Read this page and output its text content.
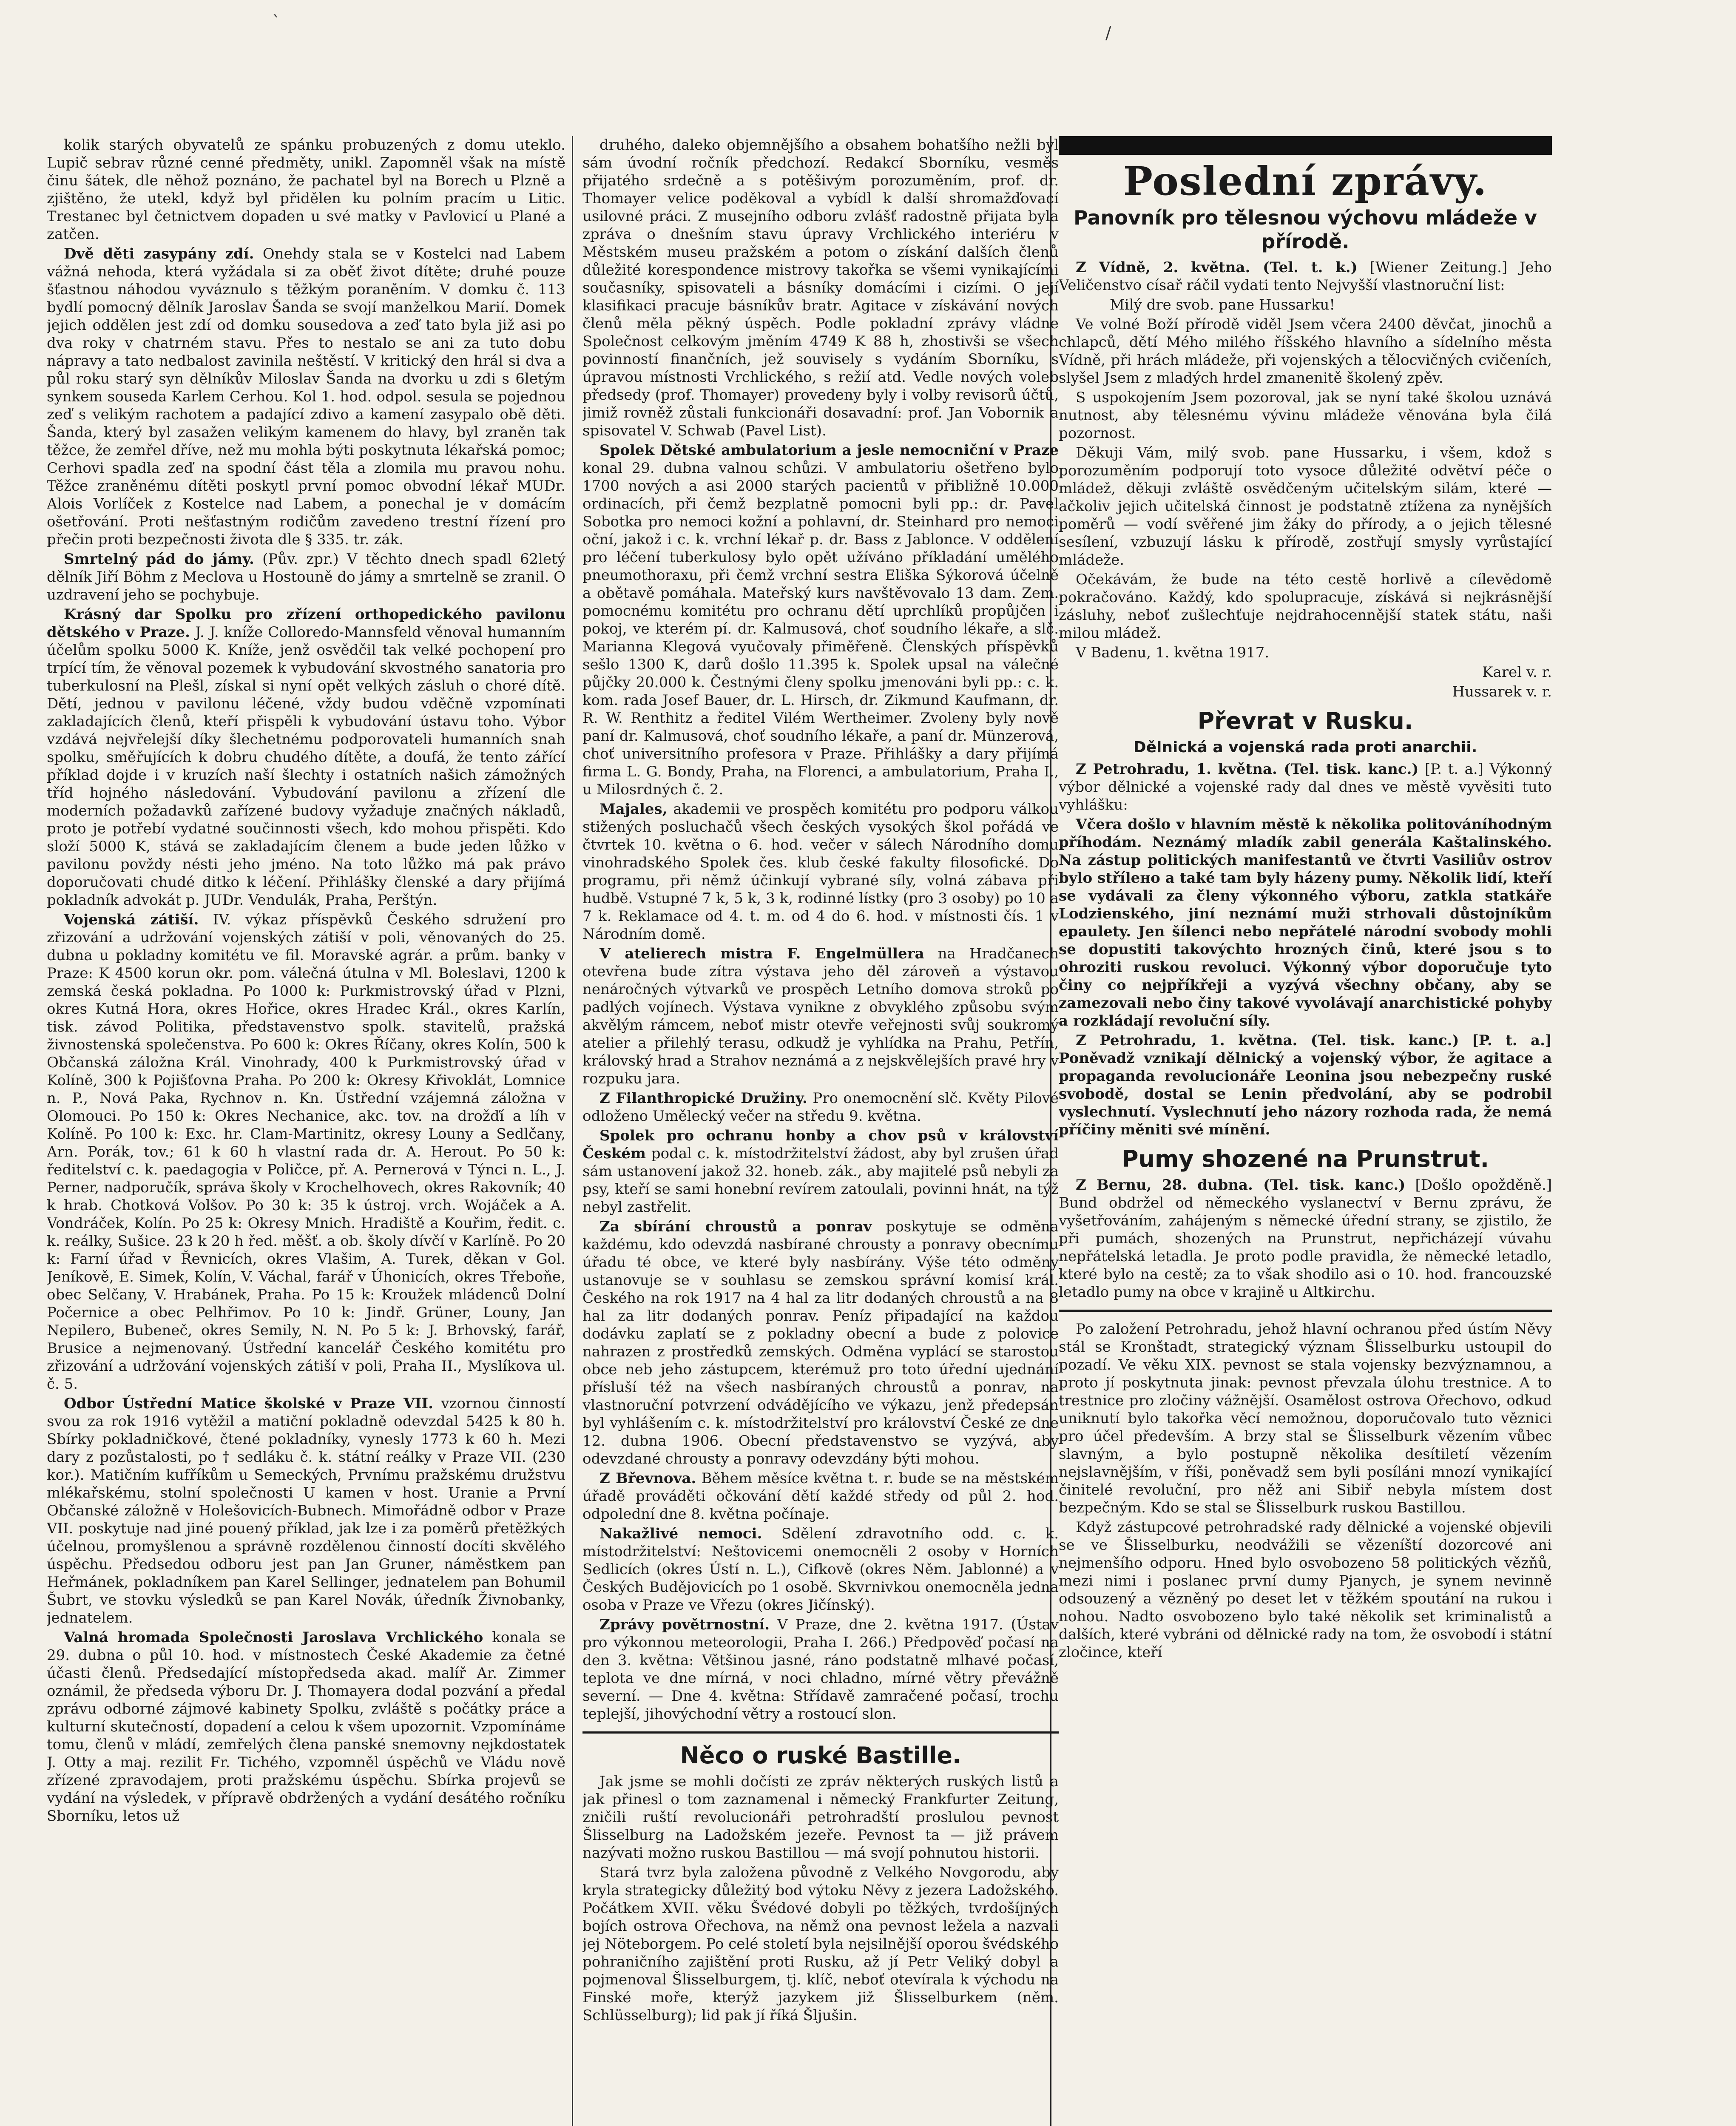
ˋ
/

kolik starých obyvatelů ze spánku probuzených z domu uteklo. Lupič sebrav různé cenné předměty, unikl. Zapomněl však na místě činu šátek, dle něhož poznáno, že pachatel byl na Borech u Plzně a zjištěno, že utekl, když byl přidělen ku polním pracím u Litic. Trestanec byl četnictvem dopaden u své matky v Pavlovicí u Plané a zatčen.

Dvě děti zasypány zdí. Onehdy stala se v Kostelci nad Labem vážná nehoda, která vyžádala si za oběť život dítěte; druhé pouze šťastnou náhodou vyváznulo s těžkým poraněním. V domku č. 113 bydlí pomocný dělník Jaroslav Šanda se svojí manželkou Marií. Domek jejich oddělen jest zdí od domku sousedova a zeď tato byla již asi po dva roky v chatrném stavu. Přes to nestalo se ani za tuto dobu nápravy a tato nedbalost zavinila neštěstí. V kritický den hrál si dva a půl roku starý syn dělníkův Miloslav Šanda na dvorku u zdi s 6letým synkem souseda Karlem Cerhou. Kol 1. hod. odpol. sesula se pojednou zeď s velikým rachotem a padající zdivo a kamení zasypalo obě děti. Šanda, který byl zasažen velikým kamenem do hlavy, byl zraněn tak těžce, že zemřel dříve, než mu mohla býti poskytnuta lékařská pomoc; Cerhovi spadla zeď na spodní část těla a zlomila mu pravou nohu. Těžce zraněnému dítěti poskytl první pomoc obvodní lékař MUDr. Alois Vorlíček z Kostelce nad Labem, a ponechal je v domácím ošetřování. Proti nešťastným rodičům zavedeno trestní řízení pro přečin proti bezpečnosti života dle § 335. tr. zák.

Smrtelný pád do jámy. (Pův. zpr.) V těchto dnech spadl 62letý dělník Jiří Böhm z Meclova u Hostouně do jámy a smrtelně se zranil. O uzdravení jeho se pochybuje.

Krásný dar Spolku pro zřízení orthopedického pavilonu dětského v Praze. J. J. kníže Colloredo-Mannsfeld věnoval humanním účelům spolku 5000 K. Kníže, jenž osvědčil tak velké pochopení pro trpící tím, že věnoval pozemek k vybudování skvostného sanatoria pro tuberkulosní na Plešl, získal si nyní opět velkých zásluh o choré dítě. Dětí, jednou v pavilonu léčené, vždy budou vděčně vzpomínati zakladajících členů, kteří přispěli k vybudování ústavu toho. Výbor vzdává nejvřelejší díky šlechetnému podporovateli humanních snah spolku, směřujících k dobru chudého dítěte, a doufá, že tento zářící příklad dojde i v kruzích naší šlechty i ostatních našich zámožných tříd hojného následování. Vybudování pavilonu a zřízení dle moderních požadavků zařízené budovy vyžaduje značných nákladů, proto je potřebí vydatné součinnosti všech, kdo mohou přispěti. Kdo složí 5000 K, stává se zakladajícím členem a bude jeden lůžko v pavilonu povždy nésti jeho jméno. Na toto lůžko má pak právo doporučovati chudé ditko k léčení. Přihlášky členské a dary přijímá pokladník advokát p. JUDr. Vendulák, Praha, Perštýn.

Vojenská zátiší. IV. výkaz příspěvků Českého sdružení pro zřizování a udržování vojenských zátiší v poli, věnovaných do 25. dubna u pokladny komitétu ve fil. Moravské agrár. a prům. banky v Praze: K 4500 korun okr. pom. válečná útulna v Ml. Boleslavi, 1200 k zemská česká pokladna. Po 1000 k: Purkmistrovský úřad v Plzni, okres Kutná Hora, okres Hořice, okres Hradec Král., okres Karlín, tisk. závod Politika, představenstvo spolk. stavitelů, pražská živnostenská společenstva. Po 600 k: Okres Říčany, okres Kolín, 500 k Občanská záložna Král. Vinohrady, 400 k Purkmistrovský úřad v Kolíně, 300 k Pojišťovna Praha. Po 200 k: Okresy Křivoklát, Lomnice n. P., Nová Paka, Rychnov n. Kn. Ústřední vzájemná záložna v Olomouci. Po 150 k: Okres Nechanice, akc. tov. na drožďí a líh v Kolíně. Po 100 k: Exc. hr. Clam-Martinitz, okresy Louny a Sedlčany, Arn. Porák, tov.; 61 k 60 h vlastní rada dr. A. Herout. Po 50 k: ředitelství c. k. paedagogia v Poličce, př. A. Pernerová v Týnci n. L., J. Perner, nadporučík, správa školy v Krochelhovech, okres Rakovník; 40 k hrab. Chotková Volšov. Po 30 k: 35 k ústroj. vrch. Wojáček a A. Vondráček, Kolín. Po 25 k: Okresy Mnich. Hradiště a Kouřim, ředit. c. k. reálky, Sušice. 23 k 20 h řed. měšť. a ob. školy dívčí v Karlíně. Po 20 k: Farní úřad v Řevnicích, okres Vlašim, A. Turek, děkan v Gol. Jeníkově, E. Simek, Kolín, V. Váchal, farář v Úhonicích, okres Třeboňe, obec Selčany, V. Hrabánek, Praha. Po 15 k: Kroužek mládenců Dolní Počernice a obec Pelhřimov. Po 10 k: Jindř. Grüner, Louny, Jan Nepilero, Bubeneč, okres Semily, N. N. Po 5 k: J. Brhovský, farář, Brusice a nejmenovaný. Ústřední kancelář Českého komitétu pro zřizování a udržování vojenských zátiší v poli, Praha II., Myslíkova ul. č. 5.

Odbor Ústřední Matice školské v Praze VII. vzornou činností svou za rok 1916 vytěžil a matiční pokladně odevzdal 5425 k 80 h. Sbírky pokladničkové, čtené pokladníky, vynesly 1773 k 60 h. Mezi dary z pozůstalosti, po † sedláku č. k. státní reálky v Praze VII. (230 kor.). Matičním kufříkům u Semeckých, Prvnímu pražskému družstvu mlékařskému, stolní společnosti U kamen v host. Uranie a První Občanské záložně v Holešovicích-Bubnech. Mimořádně odbor v Praze VII. poskytuje nad jiné pouený příklad, jak lze i za poměrů přetěžkých účelnou, promyšlenou a správně rozdělenou činností docíti skvělého úspěchu. Předsedou odboru jest pan Jan Gruner, náměstkem pan Heřmánek, pokladníkem pan Karel Sellinger, jednatelem pan Bohumil Šubrt, ve stovku výsledků se pan Karel Novák, úředník Živnobanky, jednatelem.

Valná hromada Společnosti Jaroslava Vrchlického konala se 29. dubna o půl 10. hod. v místnostech České Akademie za četné účasti členů. Předsedající místopředseda akad. malíř Ar. Zimmer oznámil, že předseda výboru Dr. J. Thomayera dodal pozvání a předal zprávu odborné zájmové kabinety Spolku, zvláště s počátky práce a kulturní skutečností, dopadení a celou k všem upozornit. Vzpomínáme tomu, členů v mládí, zemřelých člena panské snemovny nejkdostatek J. Otty a maj. rezilit Fr. Tichého, vzpomněl úspěchů ve Vládu nově zřízené zpravodajem, proti pražskému úspěchu. Sbírka projevů se vydání na výsledek, v přípravě obdržených a vydání desátého ročníku Sborníku, letos už

druhého, daleko objemnějšího a obsahem bohatšího nežli byl sám úvodní ročník předchozí. Redakcí Sborníku, vesměs přijatého srdečně a s potěšivým porozuměním, prof. dr. Thomayer velice poděkoval a vybídl k další shromažďovací usilovné práci. Z musejního odboru zvlášť radostně přijata byla zpráva o dnešním stavu úpravy Vrchlického interiéru v Městském museu pražském a potom o získání dalších členů důležité korespondence mistrovy takořka se všemi vynikajícími současníky, spisovateli a básníky domácími i cizími. O její klasifikaci pracuje básníkův bratr. Agitace v získávání nových členů měla pěkný úspěch. Podle pokladní zprávy vládne Společnost celkovým jměním 4749 K 88 h, zhostivši se všech povinností finančních, jež souvisely s vydáním Sborníku, s úpravou místnosti Vrchlického, s režií atd. Vedle nových voleb předsedy (prof. Thomayer) provedeny byly i volby revisorů účtů, jimiž rovněž zůstali funkcionáři dosavadní: prof. Jan Vobornik a spisovatel V. Schwab (Pavel List).

Spolek Dětské ambulatorium a jesle nemocniční v Praze konal 29. dubna valnou schůzi. V ambulatoriu ošetřeno bylo 1700 nových a asi 2000 starých pacientů v přibližně 10.000 ordinacích, při čemž bezplatně pomocni byli pp.: dr. Pavel Sobotka pro nemoci kožní a pohlavní, dr. Steinhard pro nemoci oční, jakož i c. k. vrchní lékař p. dr. Bass z Jablonce. V oddělení pro léčení tuberkulosy bylo opět užíváno příkladání umělého pneumothoraxu, při čemž vrchní sestra Eliška Sýkorová účelně a obětavě pomáhala. Mateřský kurs navštěvovalo 13 dam. Zem. pomocnému komitétu pro ochranu dětí uprchlíků propůjčen i pokoj, ve kterém pí. dr. Kalmusová, choť soudního lékaře, a slč. Marianna Klegová vyučovaly přiměřeně. Členských příspěvků sešlo 1300 K, darů došlo 11.395 k. Spolek upsal na válečné půjčky 20.000 k. Čestnými členy spolku jmenováni byli pp.: c. k. kom. rada Josef Bauer, dr. L. Hirsch, dr. Zikmund Kaufmann, dr. R. W. Renthitz a ředitel Vilém Wertheimer. Zvoleny byly nově paní dr. Kalmusová, choť soudního lékaře, a paní dr. Münzerová, choť universitního profesora v Praze. Přihlášky a dary přijímá firma L. G. Bondy, Praha, na Florenci, a ambulatorium, Praha I., u Milosrdných č. 2.

Majales, akademii ve prospěch komitétu pro podporu válkou stižených posluchačů všech českých vysokých škol pořádá ve čtvrtek 10. května o 6. hod. večer v sálech Národního domu vinohradského Spolek čes. klub české fakulty filosofické. Do programu, při němž účinkují vybrané síly, volná zábava při hudbě. Vstupné 7 k, 5 k, 3 k, rodinné lístky (pro 3 osoby) po 10 a 7 k. Reklamace od 4. t. m. od 4 do 6. hod. v místnosti čís. 1 v Národním domě.

V atelierech mistra F. Engelmüllera na Hradčanech otevřena bude zítra výstava jeho děl zároveň a výstavou nenáročných výtvarků ve prospěch Letního domova stroků po padlých vojínech. Výstava vynikne z obvyklého způsobu svým akvělým rámcem, neboť mistr otevře veřejnosti svůj soukromý atelier a přilehlý terasu, odkudž je vyhlídka na Prahu, Petřín, královský hrad a Strahov neznámá a z nejskvělejších pravé hry v rozpuku jara.

Z Filanthropické Družiny. Pro onemocnění slč. Květy Pilové odloženo Umělecký večer na středu 9. května.

Spolek pro ochranu honby a chov psů v království Českém podal c. k. místodržitelství žádost, aby byl zrušen úřad sám ustanovení jakož 32. honeb. zák., aby majitelé psů nebyli za psy, kteří se sami honební revírem zatoulali, povinni hnát, na týž nebyl zastřelit.

Za sbírání chroustů a ponrav poskytuje se odměna každému, kdo odevzdá nasbírané chrousty a ponravy obecnímu úřadu té obce, ve které byly nasbírány. Výše této odměny ustanovuje se v souhlasu se zemskou správní komisí král. Českého na rok 1917 na 4 hal za litr dodaných chroustů a na 8 hal za litr dodaných ponrav. Peníz připadající na každou dodávku zaplatí se z pokladny obecní a bude z polovice nahrazen z prostředků zemských. Odměna vyplácí se starostou obce neb jeho zástupcem, kterémuž pro toto úřední ujednání přísluší též na všech nasbíraných chroustů a ponrav, na vlastnoruční potvrzení odvádějícího ve výkazu, jenž předepsán byl vyhlášením c. k. místodržitelství pro království České ze dne 12. dubna 1906. Obecní představenstvo se vyzývá, aby odevzdané chrousty a ponravy odevzdány býti mohou.

Z Břevnova. Během měsíce května t. r. bude se na městském úřadě prováděti očkování dětí každé středy od půl 2. hod. odpolední dne 8. května počínaje.

Nakažlivé nemoci. Sdělení zdravotního odd. c. k. místodržitelství: Neštovicemi onemocněli 2 osoby v Horních Sedlicích (okres Ústí n. L.), Cifkově (okres Něm. Jablonné) a v Českých Budějovicích po 1 osobě. Skvrnivkou onemocněla jedna osoba v Praze ve Vřezu (okres Jičínský).

Zprávy povětrnostní. V Praze, dne 2. května 1917. (Ústav pro výkonnou meteorologii, Praha I. 266.) Předpověď počasí na den 3. května: Většinou jasné, ráno podstatně mlhavé počasí, teplota ve dne mírná, v noci chladno, mírné větry převážně severní. — Dne 4. května: Střídavě zamračené počasí, trochu teplejší, jihovýchodní větry a rostoucí slon.

Něco o ruské Bastille.

Jak jsme se mohli dočísti ze zpráv některých ruských listů a jak přinesl o tom zaznamenal i německý Frankfurter Zeitung, zničili ruští revolucionáři petrohradští proslulou pevnost Šlisselburg na Ladožském jezeře. Pevnost ta — již právem nazývati možno ruskou Bastillou — má svojí pohnutou historii.

Stará tvrz byla založena původně z Velkého Novgorodu, aby kryla strategicky důležitý bod výtoku Něvy z jezera Ladožského. Počátkem XVII. věku Švédové dobyli po těžkých, tvrdošíjných bojích ostrova Ořechova, na němž ona pevnost ležela a nazvali jej Nöteborgem. Po celé století byla nejsilnější oporou švédského pohraničního zajištění proti Rusku, až jí Petr Veliký dobyl a pojmenoval Šlisselburgem, tj. klíč, neboť otevírala k východu na Finské moře, kterýž jazykem již Šlisselburkem (něm. Schlüsselburg); lid pak jí říká Šljušin.

Poslední zprávy.
Panovník pro tělesnou výchovu mládeže v přírodě.

Z Vídně, 2. května. (Tel. t. k.) [Wiener Zeitung.] Jeho Veličenstvo císař ráčil vydati tento Nejvyšší vlastnoruční list:

Milý dre svob. pane Hussarku!

Ve volné Boží přírodě viděl Jsem včera 2400 děvčat, jinochů a chlapců, dětí Mého milého říšského hlavního a sídelního města Vídně, při hrách mládeže, při vojenských a tělocvičných cvičeních, slyšel Jsem z mladých hrdel zmanenitě školený zpěv.

S uspokojením Jsem pozoroval, jak se nyní také školou uznává nutnost, aby tělesnému vývinu mládeže věnována byla čilá pozornost.

Děkuji Vám, milý svob. pane Hussarku, i všem, kdož s porozuměním podporují toto vysoce důležité odvětví péče o mládež, děkuji zvláště osvědčeným učitelským silám, které — ačkoliv jejich učitelská činnost je podstatně ztížena za nynějších poměrů — vodí svěřené jim žáky do přírody, a o jejich tělesné sesílení, vzbuzují lásku k přírodě, zostřují smysly vyrůstající mládeže.

Očekávám, že bude na této cestě horlivě a cílevědomě pokračováno. Každý, kdo spolupracuje, získává si nejkrásnější zásluhy, neboť zušlechťuje nejdrahocennější statek státu, naši milou mládež.

V Badenu, 1. května 1917.

Karel v. r.
Hussarek v. r.
Převrat v Rusku.
Dělnická a vojenská rada proti anarchii.

Z Petrohradu, 1. května. (Tel. tisk. kanc.) [P. t. a.] Výkonný výbor dělnické a vojenské rady dal dnes ve městě vyvěsiti tuto vyhlášku:

Včera došlo v hlavním městě k několika politováníhodným příhodám. Neznámý mladík zabil generála Kaštalinského. Na zástup politických manifestantů ve čtvrti Vasiliův ostrov bylo střílено a také tam byly házeny pumy. Několik lidí, kteří se vydávali za členy výkonného výboru, zatkla statkáře Lodzienského, jiní neznámí muži strhovali důstojníkům epaulety. Jen šílenci nebo nepřátelé národní svobody mohli se dopustiti takovýchto hrozných činů, které jsou s to ohroziti ruskou revoluci. Výkonný výbor doporučuje tyto činy co nejpříkřeji a vyzývá všechny občany, aby se zamezovali nebo činy takové vyvolávají anarchistické pohyby a rozkládají revoluční síly.

Z Petrohradu, 1. května. (Tel. tisk. kanc.) [P. t. a.] Poněvadž vznikají dělnický a vojenský výbor, že agitace a propaganda revolucionáře Leonina jsou nebezpečny ruské svobodě, dostal se Lenin předvolání, aby se podrobil vyslechnutí. Vyslechnutí jeho názory rozhoda rada, že nemá příčiny měniti své mínění.

Pumy shozené na Prunstrut.

Z Bernu, 28. dubna. (Tel. tisk. kanc.) [Došlo opožděně.] Bund obdržel od německého vyslanectví v Bernu zprávu, že vyšetřováním, zahájeným s německé úřední strany, se zjistilo, že při pumách, shozených na Prunstrut, nepřicházejí vúvahu nepřátelská letadla. Je proto podle pravidla, že německé letadlo, které bylo na cestě; za to však shodilo asi o 10. hod. francouzské letadlo pumy na obce v krajině u Altkirchu.

Po založení Petrohradu, jehož hlavní ochranou před ústím Něvy stál se Kronštadt, strategický význam Šlisselburku ustoupil do pozadí. Ve věku XIX. pevnost se stala vojensky bezvýznamnou, a proto jí poskytnuta jinak: pevnost převzala úlohu trestnice. A to trestnice pro zločiny vážnější. Osamělost ostrova Ořechovo, odkud uniknutí bylo takořka věcí nemožnou, doporučovalo tuto věznici pro účel především. A brzy stal se Šlisselburk vězením vůbec slavným, a bylo postupně několika desítiletí vězením nejslavnějším, v říši, poněvadž sem byli posíláni mnozí vynikající činitelé revoluční, pro něž ani Sibiř nebyla místem dost bezpečným. Kdo se stal se Šlisselburk ruskou Bastillou.

Když zástupcové petrohradské rady dělnické a vojenské objevili se ve Šlisselburku, neodvážili se vězeníští dozorcové ani nejmenšího odporu. Hned bylo osvobozeno 58 politických vězňů, mezi nimi i poslanec první dumy Pjanych, je synem nevinně odsouzený a vězněný po deset let v těžkém spoutání na rukou i nohou. Nadto osvobozeno bylo také několik set kriminalistů a dalších, které vybráni od dělnické rady na tom, že osvobodí i státní zločince, kteří
